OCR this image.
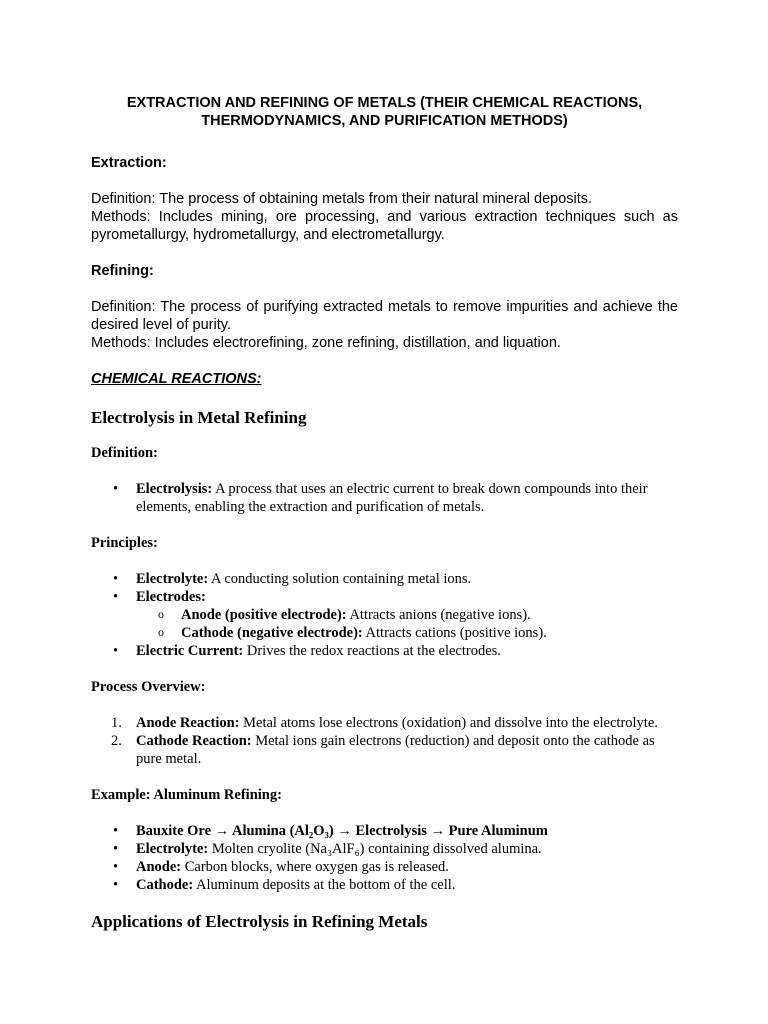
EXTRACTION AND REFINING OF METALS (THEIR CHEMICAL REACTIONS,

THERMODYNAMICS, AND PURIFICATION METHODS)

Extraction:

Definition: The process of obtaining metals from their natural mineral deposits.

Methods: Includes mining, ore processing, and various extraction techniques such as pyrometallurgy, hydrometallurgy, and electrometallurgy.

Refining:

Definition: The process of purifying extracted metals to remove impurities and achieve the desired level of purity.

Methods: Includes electrorefining, zone refining, distillation, and liquation.

CHEMICAL REACTIONS:

Electrolysis in Metal Refining

Definition:

• Electrolysis: A process that uses an electric current to break down compounds into their elements, enabling the extraction and purification of metals.

Principles:

• Electrolyte: A conducting solution containing metal ions.
• Electrodes:
o Anode (positive electrode): Attracts anions (negative ions).
o Cathode (negative electrode): Attracts cations (positive ions).
• Electric Current: Drives the redox reactions at the electrodes.

Process Overview:

1. Anode Reaction: Metal atoms lose electrons (oxidation) and dissolve into the electrolyte.
2. Cathode Reaction: Metal ions gain electrons (reduction) and deposit onto the cathode as pure metal.

Example: Aluminum Refining:

• Bauxite Ore → Alumina (Al₂O₃) → Electrolysis → Pure Aluminum
• Electrolyte: Molten cryolite (Na₃AlF₆) containing dissolved alumina.
• Anode: Carbon blocks, where oxygen gas is released.
• Cathode: Aluminum deposits at the bottom of the cell.

Applications of Electrolysis in Refining Metals
